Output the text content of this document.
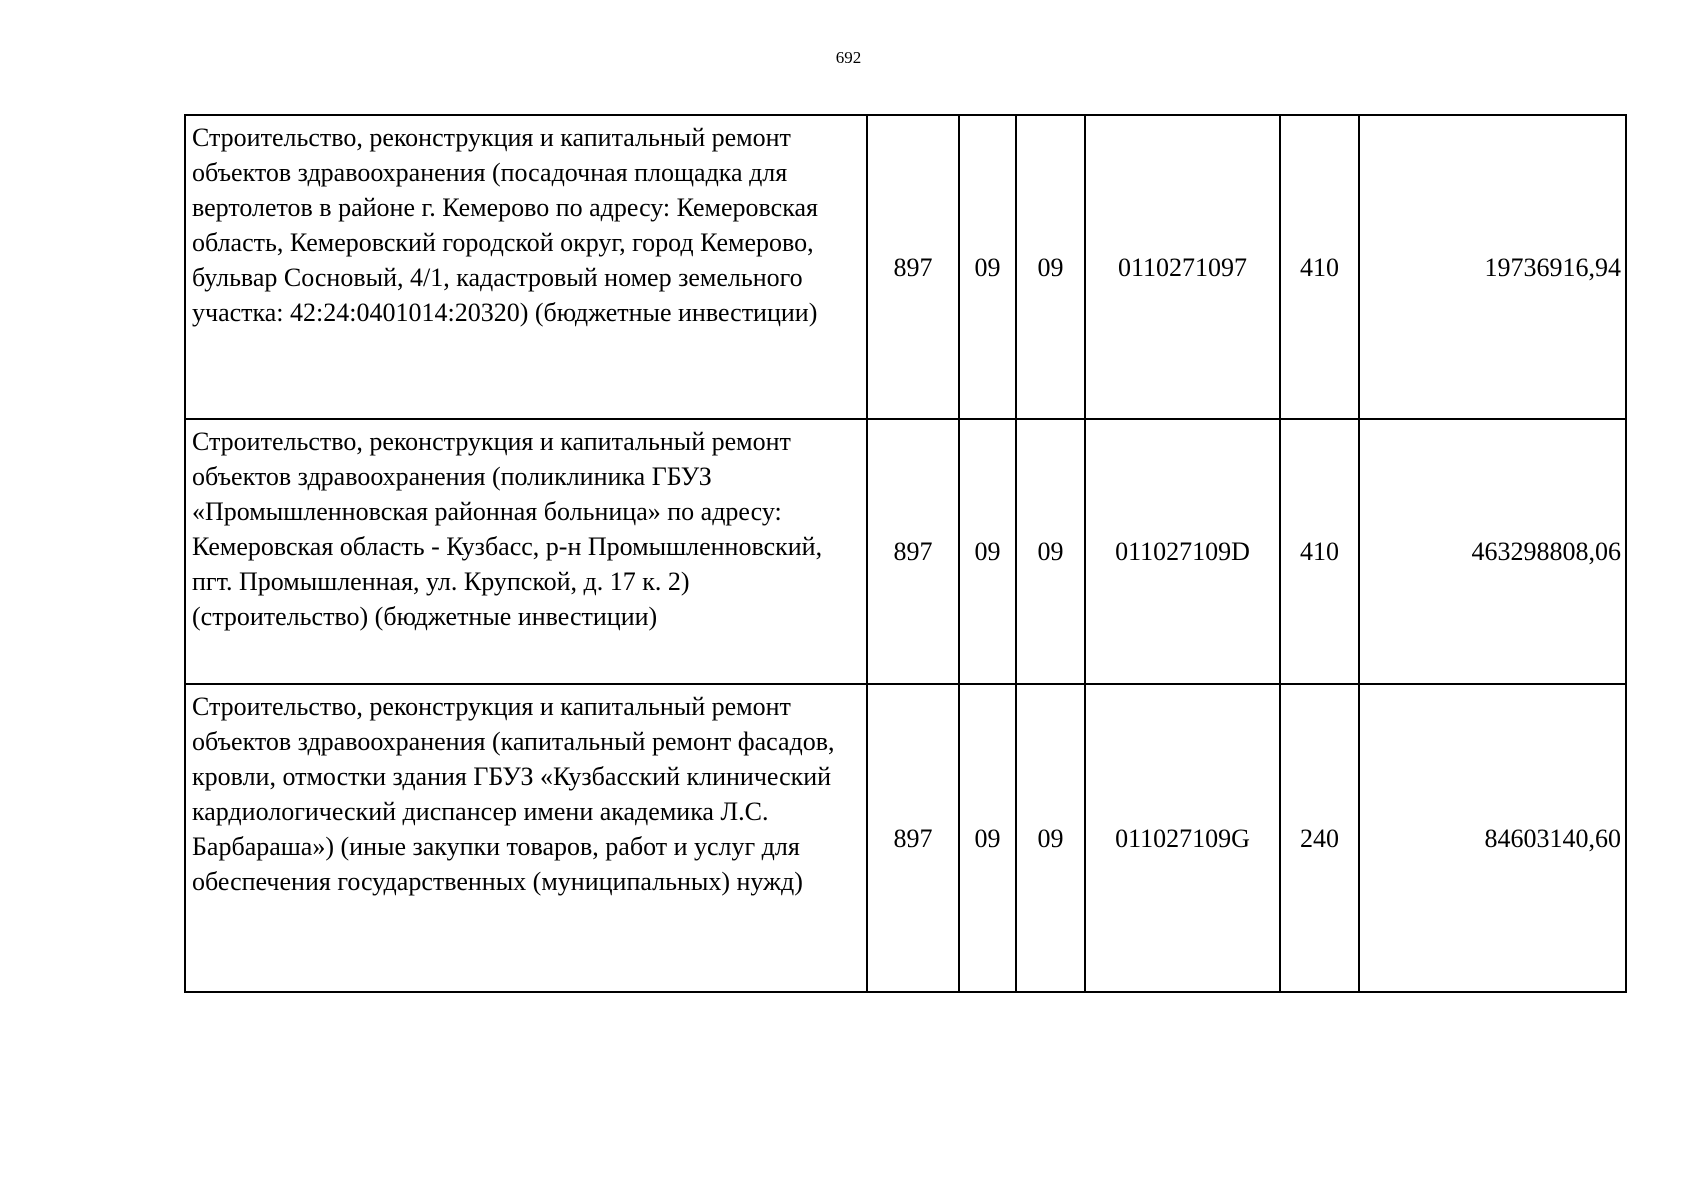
692
Строительство, реконструкция и капитальный ремонт объектов здравоохранения (посадочная площадка для вертолетов в районе г. Кемерово по адресу: Кемеровская область, Кемеровский городской округ, город Кемерово, бульвар Сосновый, 4/1, кадастровый номер земельного участка: 42:24:0401014:20320) (бюджетные инвестиции)	897	09	09	0110271097	410	19736916,94
Строительство, реконструкция и капитальный ремонт объектов здравоохранения (поликлиника ГБУЗ «Промышленновская районная больница» по адресу: Кемеровская область - Кузбасс, р-н Промышленновский, пгт. Промышленная, ул. Крупской, д. 17 к. 2) (строительство) (бюджетные инвестиции)	897	09	09	011027109D	410	463298808,06
Строительство, реконструкция и капитальный ремонт объектов здравоохранения (капитальный ремонт фасадов, кровли, отмостки здания ГБУЗ «Кузбасский клинический кардиологический диспансер имени академика Л.С. Барбараша») (иные закупки товаров, работ и услуг для обеспечения государственных (муниципальных) нужд)	897	09	09	011027109G	240	84603140,60
